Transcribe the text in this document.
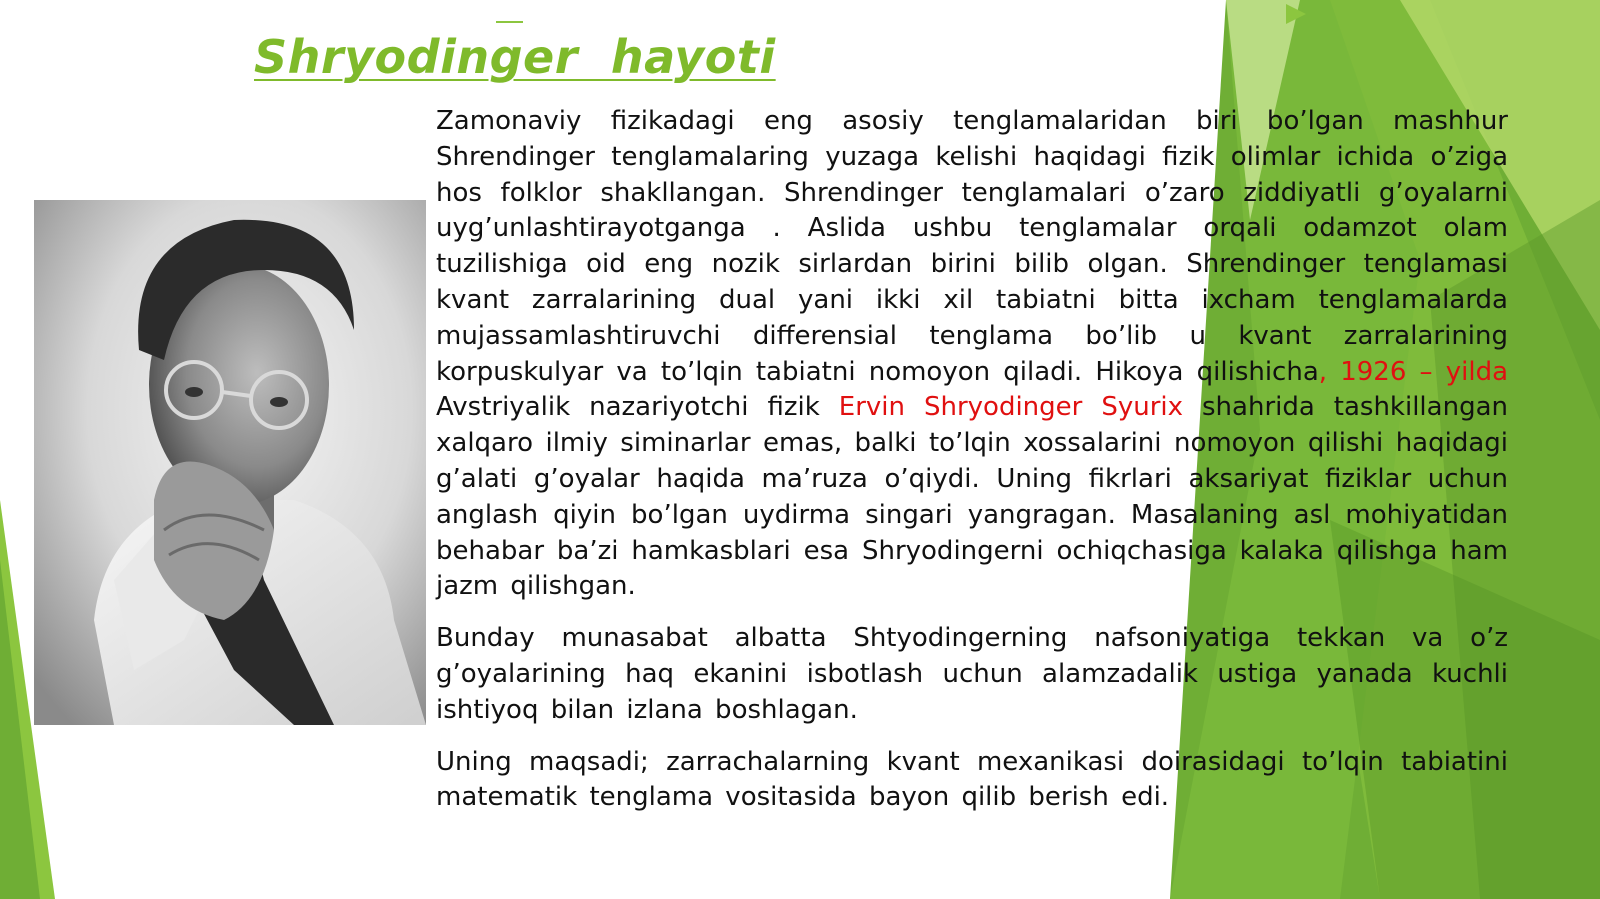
Shryodinger  hayoti

Zamonaviy fizikadagi eng asosiy tenglamalaridan biri bo’lgan mashhur Shrendinger tenglamalaring yuzaga kelishi haqidagi fizik olimlar ichida o’ziga hos folklor shakllangan. Shrendinger tenglamalari o’zaro ziddiyatli g’oyalarni uyg’unlashtirayotganga . Aslida ushbu tenglamalar orqali odamzot olam tuzilishiga oid eng nozik sirlardan birini bilib olgan. Shrendinger tenglamasi kvant zarralarining dual yani ikki xil tabiatni bitta ixcham tenglamalarda mujassamlashtiruvchi differensial tenglama bo’lib u kvant zarralarining korpuskulyar va to’lqin tabiatni nomoyon qiladi. Hikoya qilishicha, 1926 – yilda Avstriyalik nazariyotchi fizik Ervin Shryodinger Syurix shahrida tashkillangan xalqaro ilmiy siminarlar emas, balki to’lqin xossalarini nomoyon qilishi haqidagi g’alati g’oyalar haqida ma’ruza o’qiydi. Uning fikrlari aksariyat fiziklar uchun anglash qiyin bo’lgan uydirma singari yangragan. Masalaning asl mohiyatidan behabar ba’zi hamkasblari esa Shryodingerni ochiqchasiga kalaka qilishga ham jazm qilishgan.

Bunday munasabat albatta Shtyodingerning nafsoniyatiga tekkan va o’z g’oyalarining haq ekanini isbotlash uchun alamzadalik ustiga yanada kuchli ishtiyoq bilan izlana boshlagan.

Uning maqsadi; zarrachalarning kvant mexanikasi doirasidagi to’lqin tabiatini matematik tenglama vositasida bayon qilib berish edi.
